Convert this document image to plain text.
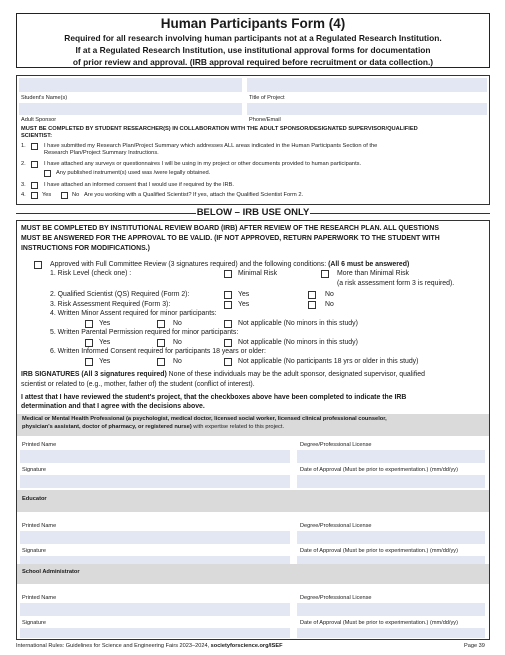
Human Participants Form (4)
Required for all research involving human participants not at a Regulated Research Institution.
If at a Regulated Research Institution, use institutional approval forms for documentation
of prior review and approval. (IRB approval required before recruitment or data collection.)
Student's Name(s)	Title of Project
Adult Sponsor	Phone/Email
MUST BE COMPLETED BY STUDENT RESEARCHER(S) IN COLLABORATION WITH THE ADULT SPONSOR/DESIGNATED SUPERVISOR/QUALIFIED
SCIENTIST:
1.	I have submitted my Research Plan/Project Summary which addresses ALL areas indicated in the Human Participants Section of the
Research Plan/Project Summary Instructions.
2.	I have attached any surveys or questionnaires I will be using in my project or other documents provided to human participants.
Any published instrument(s) used was /were legally obtained.
3.	I have attached an informed consent that I would use if required by the IRB.
4.	Yes	No Are you working with a Qualified Scientist? If yes, attach the Qualified Scientist Form 2.
BELOW – IRB USE ONLY
MUST BE COMPLETED BY INSTITUTIONAL REVIEW BOARD (IRB) AFTER REVIEW OF THE RESEARCH PLAN. ALL QUESTIONS
MUST BE ANSWERED FOR THE APPROVAL TO BE VALID. (IF NOT APPROVED, RETURN PAPERWORK TO THE STUDENT WITH
INSTRUCTIONS FOR MODIFICATIONS.)
Approved with Full Committee Review (3 signatures required) and the following conditions: (All 6 must be answered)
1. Risk Level (check one) :	Minimal Risk	More than Minimal Risk
(a risk assessment form 3 is required).
2. Qualified Scientist (QS) Required (Form 2):	Yes	No
3. Risk Assessment Required (Form 3):	Yes	No
4. Written Minor Assent required for minor participants:
Yes	No	Not applicable (No minors in this study)
5. Written Parental Permission required for minor participants:
Yes	No	Not applicable (No minors in this study)
6. Written Informed Consent required for participants 18 years or older:
Yes	No	Not applicable (No participants 18 yrs or older in this study)
IRB SIGNATURES (All 3 signatures required) None of these individuals may be the adult sponsor, designated supervisor, qualified
scientist or related to (e.g., mother, father of) the student (conflict of interest).
I attest that I have reviewed the student's project, that the checkboxes above have been completed to indicate the IRB
determination and that I agree with the decisions above.
Medical or Mental Health Professional (a psychologist, medical doctor, licensed social worker, licensed clinical professional counselor,
physician's assistant, doctor of pharmacy, or registered nurse) with expertise related to this project.
Printed Name	Degree/Professional License
Signature	Date of Approval (Must be prior to experimentation.) (mm/dd/yy)
Educator
Printed Name	Degree/Professional License
Signature	Date of Approval (Must be prior to experimentation.) (mm/dd/yy)
School Administrator
Printed Name	Degree/Professional License
Signature	Date of Approval (Must be prior to experimentation.) (mm/dd/yy)
International Rules: Guidelines for Science and Engineering Fairs 2023–2024, societyforscience.org/ISEF	Page 39
